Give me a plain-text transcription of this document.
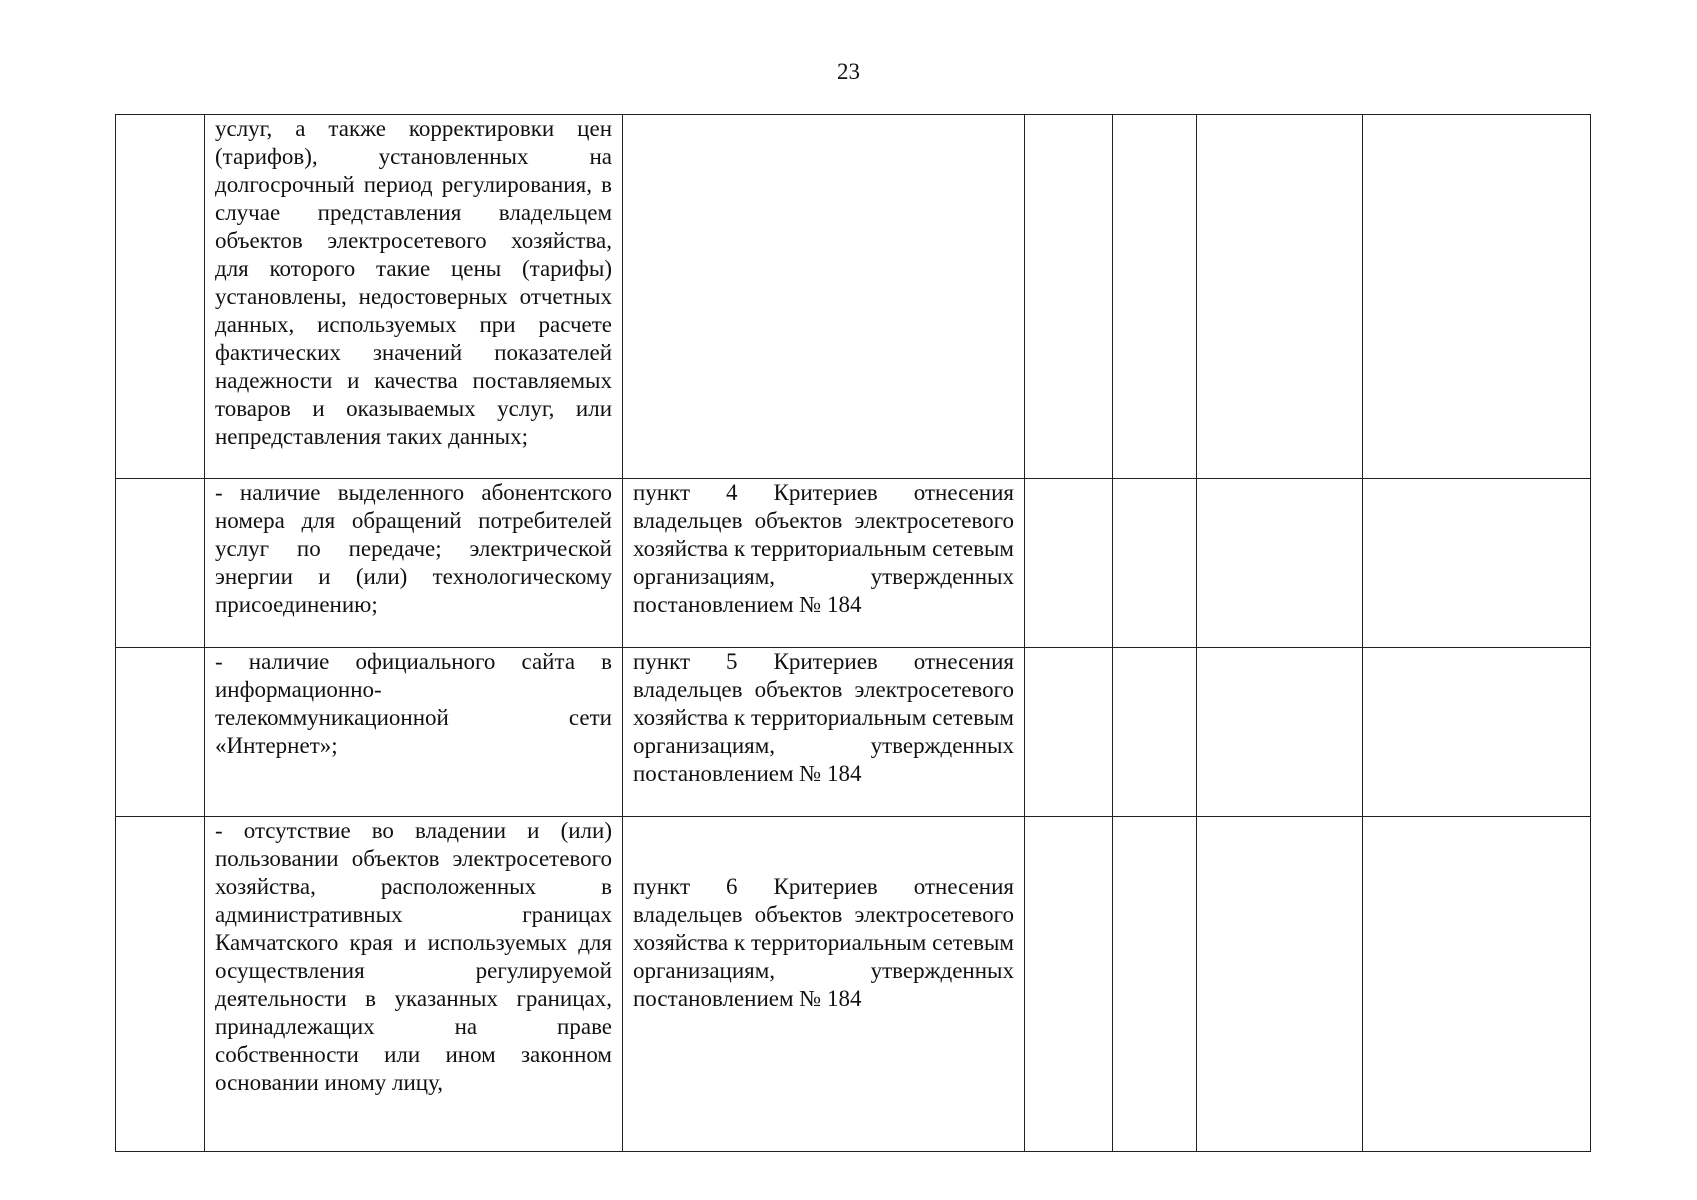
23

	услуг, а также корректировки цен (тарифов), установленных на долгосрочный период регулирования, в случае представления владельцем объектов электросетевого хозяйства, для которого такие цены (тарифы) установлены, недостоверных отчетных данных, используемых при расчете фактических значений показателей надежности и качества поставляемых товаров и оказываемых услуг, или непредставления таких данных;					

	- наличие выделенного абонентского номера для обращений потребителей услуг по передаче; электрической энергии и (или) технологическому присоединению;	пункт 4 Критериев отнесения владельцев объектов электросетевого хозяйства к территориальным сетевым организациям, утвержденных постановлением № 184				

	- наличие официального сайта в информационно-телекоммуникационной сети «Интернет»;	пункт 5 Критериев отнесения владельцев объектов электросетевого хозяйства к территориальным сетевым организациям, утвержденных постановлением № 184				

	- отсутствие во владении и (или) пользовании объектов электросетевого хозяйства, расположенных в административных границах Камчатского края и используемых для осуществления регулируемой деятельности в указанных границах, принадлежащих на праве собственности или ином законном основании иному лицу,	пункт 6 Критериев отнесения владельцев объектов электросетевого хозяйства к территориальным сетевым организациям, утвержденных постановлением № 184				
